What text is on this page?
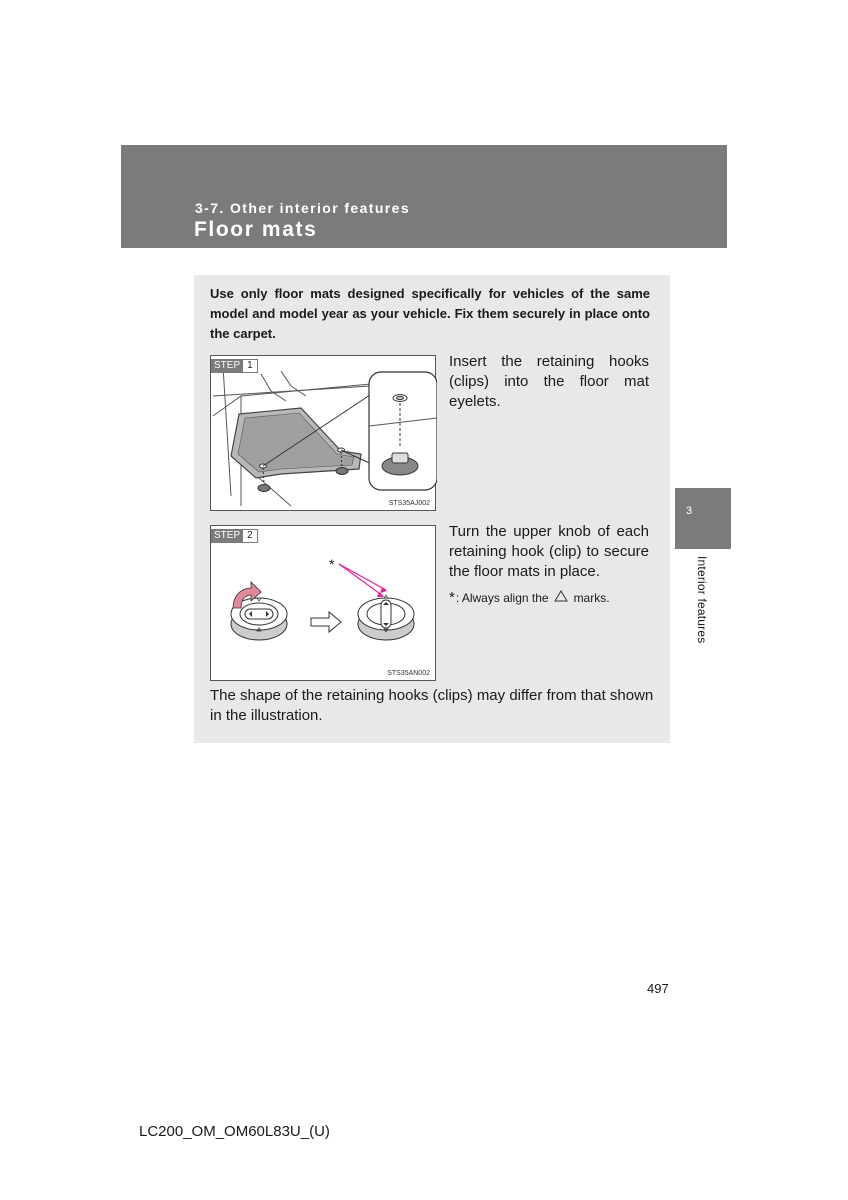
3-7. Other interior features
Floor mats

Use only floor mats designed specifically for vehicles of the same model and model year as your vehicle. Fix them securely in place onto the carpet.

STEP 1
STS35AJ002

Insert the retaining hooks (clips) into the floor mat eyelets.

STEP 2
*
STS35AN002

Turn the upper knob of each retaining hook (clip) to secure the floor mats in place.

* : Always align the marks.

The shape of the retaining hooks (clips) may differ from that shown in the illustration.

3
Interior features
497
LC200_OM_OM60L83U_(U)
